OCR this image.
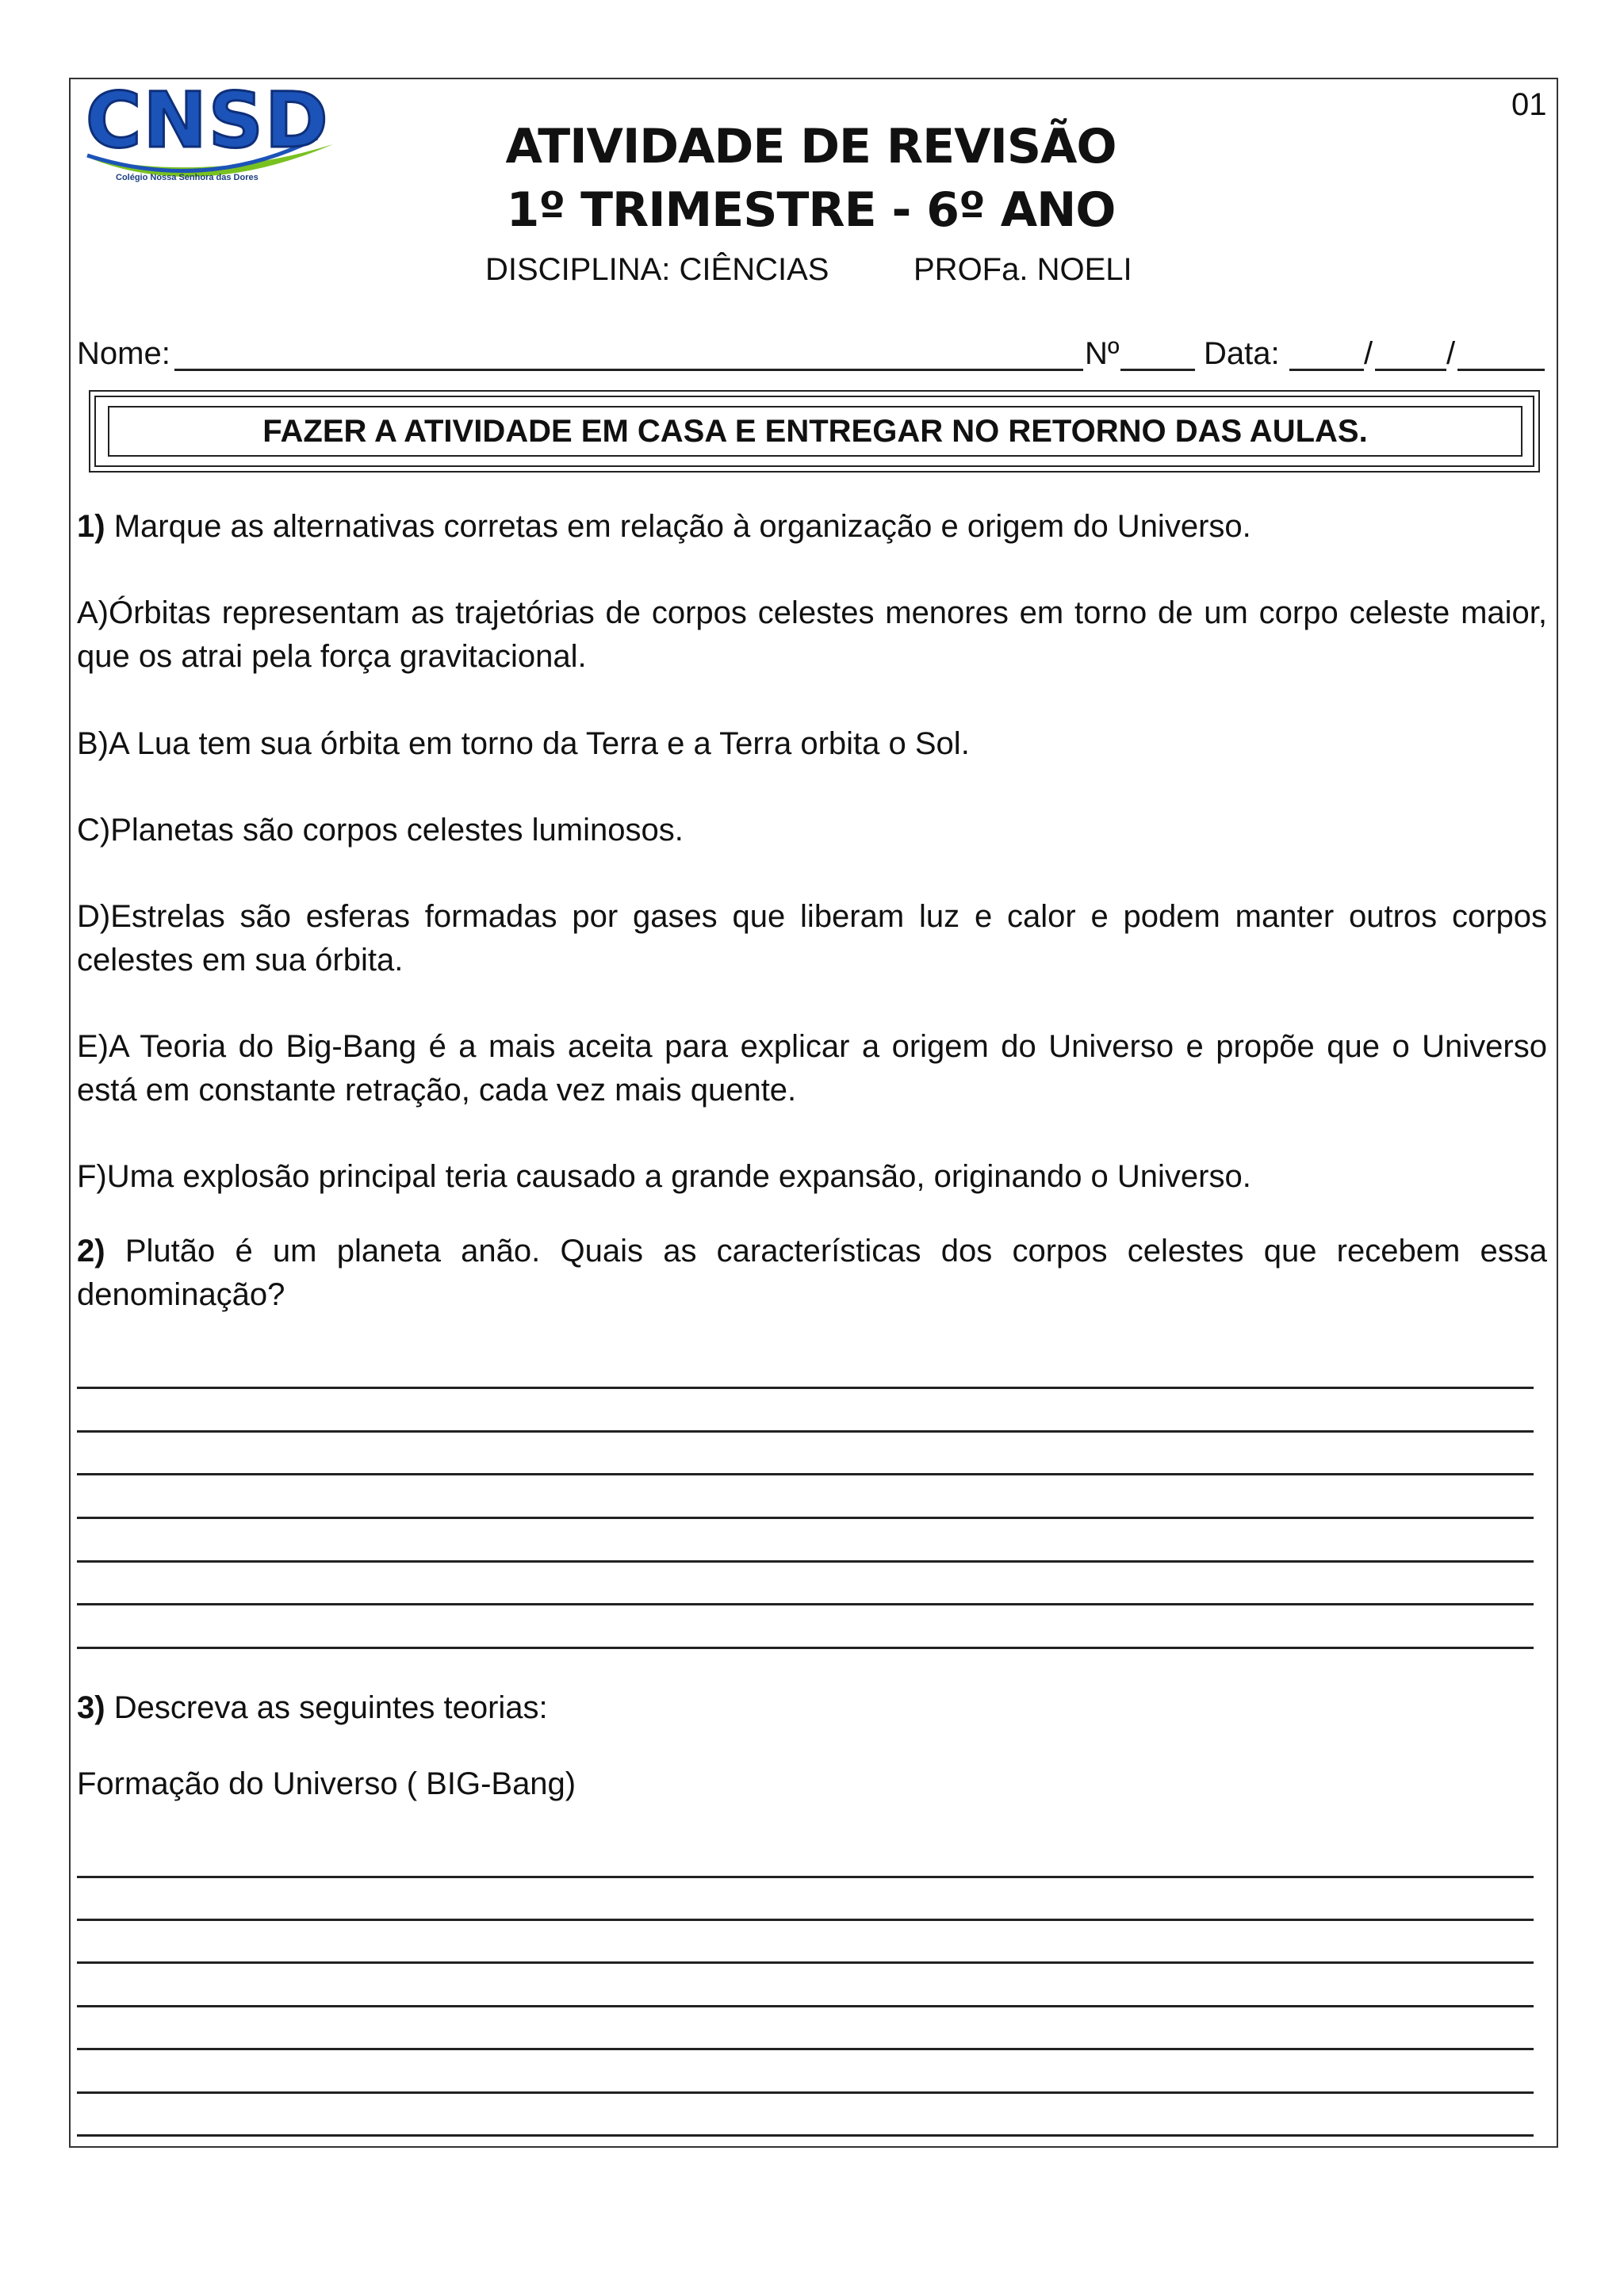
01
CNSD
Colégio Nossa Senhora das Dores
ATIVIDADE DE REVISÃO
1º TRIMESTRE - 6º ANO
DISCIPLINA: CIÊNCIAS	PROFa. NOELI
Nome:	Nº	Data:	/ /
FAZER A ATIVIDADE EM CASA E ENTREGAR NO RETORNO DAS AULAS.
1) Marque as alternativas corretas em relação à organização e origem do Universo.
A)Órbitas representam as trajetórias de corpos celestes menores em torno de um corpo celeste maior, que os atrai pela força gravitacional.
B)A Lua tem sua órbita em torno da Terra e a Terra orbita o Sol.
C)Planetas são corpos celestes luminosos.
D)Estrelas são esferas formadas por gases que liberam luz e calor e podem manter outros corpos celestes em sua órbita.
E)A Teoria do Big-Bang é a mais aceita para explicar a origem do Universo e propõe que o Universo está em constante retração, cada vez mais quente.
F)Uma explosão principal teria causado a grande expansão, originando o Universo.
2) Plutão é um planeta anão. Quais as características dos corpos celestes que recebem essa denominação?
3) Descreva as seguintes teorias:
Formação do Universo ( BIG-Bang)
